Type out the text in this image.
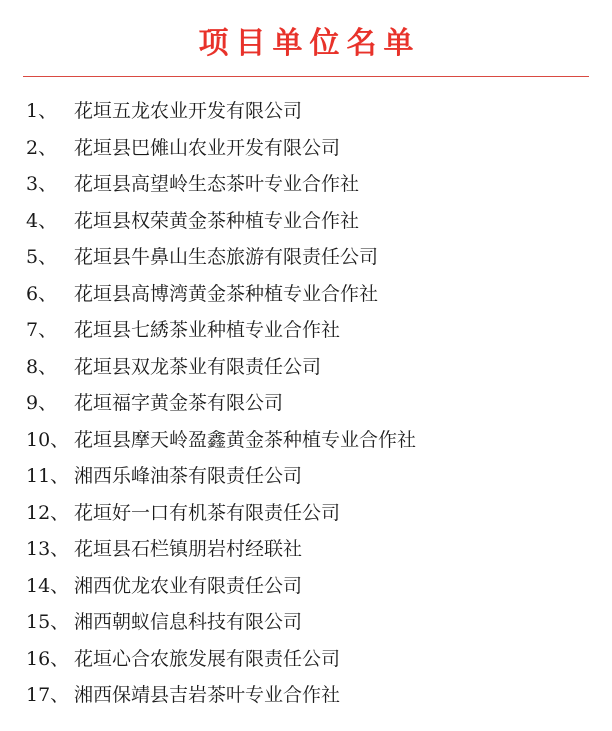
项目单位名单
1、 花垣五龙农业开发有限公司
2、 花垣县巴傩山农业开发有限公司
3、 花垣县高望岭生态茶叶专业合作社
4、 花垣县权荣黄金茶种植专业合作社
5、 花垣县牛鼻山生态旅游有限责任公司
6、 花垣县高博湾黄金茶种植专业合作社
7、 花垣县七綉茶业种植专业合作社
8、 花垣县双龙茶业有限责任公司
9、 花垣福字黄金茶有限公司
10、 花垣县摩天岭盈鑫黄金茶种植专业合作社
11、 湘西乐峰油茶有限责任公司
12、 花垣好一口有机茶有限责任公司
13、 花垣县石栏镇朋岩村经联社
14、 湘西优龙农业有限责任公司
15、 湘西朝蚁信息科技有限公司
16、 花垣心合农旅发展有限责任公司
17、 湘西保靖县吉岩茶叶专业合作社
